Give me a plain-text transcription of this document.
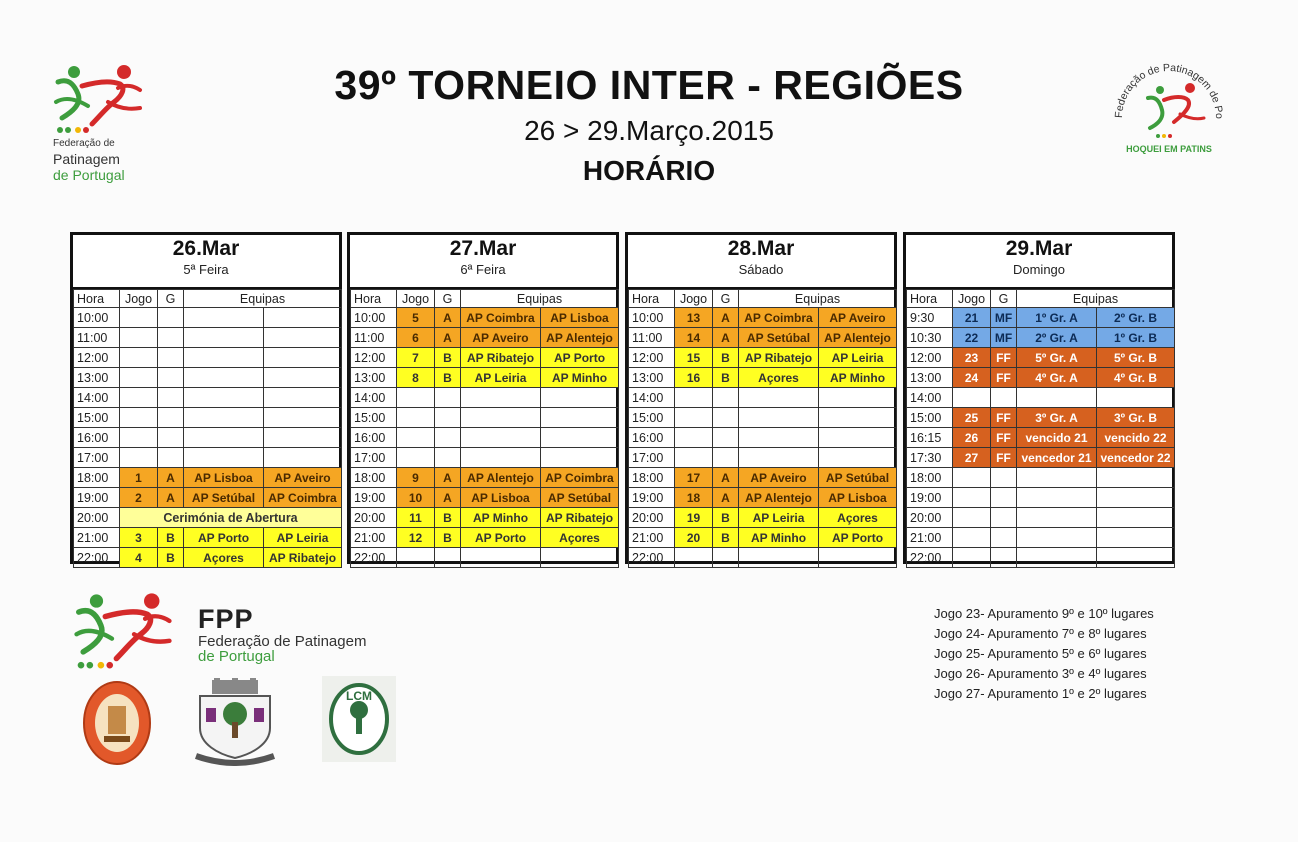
Federação de
Patinagem
de Portugal
Federação de Patinagem de Po
HOQUEI EM PATINS
39º TORNEIO INTER - REGIÕES
26 > 29.Março.2015
HORÁRIO
26.Mar
5ª Feira
Hora	Jogo	G	Equipas	
10:00				
11:00				
12:00				
13:00				
14:00				
15:00				
16:00				
17:00				
18:00	1	A	AP Lisboa	AP Aveiro
19:00	2	A	AP Setúbal	AP Coimbra
20:00	Cerimónia de Abertura			
21:00	3	B	AP Porto	AP Leiria
22:00	4	B	Açores	AP Ribatejo
27.Mar
6ª Feira
Hora	Jogo	G	Equipas	
10:00	5	A	AP Coimbra	AP Lisboa
11:00	6	A	AP Aveiro	AP Alentejo
12:00	7	B	AP Ribatejo	AP Porto
13:00	8	B	AP Leiria	AP Minho
14:00				
15:00				
16:00				
17:00				
18:00	9	A	AP Alentejo	AP Coimbra
19:00	10	A	AP Lisboa	AP Setúbal
20:00	11	B	AP Minho	AP Ribatejo
21:00	12	B	AP Porto	Açores
22:00				
28.Mar
Sábado
Hora	Jogo	G	Equipas	
10:00	13	A	AP Coimbra	AP Aveiro
11:00	14	A	AP Setúbal	AP Alentejo
12:00	15	B	AP Ribatejo	AP Leiria
13:00	16	B	Açores	AP Minho
14:00				
15:00				
16:00				
17:00				
18:00	17	A	AP Aveiro	AP Setúbal
19:00	18	A	AP Alentejo	AP Lisboa
20:00	19	B	AP Leiria	Açores
21:00	20	B	AP Minho	AP Porto
22:00				
29.Mar
Domingo
Hora	Jogo	G	Equipas	
9:30	21	MF	1º Gr. A	2º Gr. B
10:30	22	MF	2º Gr. A	1º Gr. B
12:00	23	FF	5º Gr. A	5º Gr. B
13:00	24	FF	4º Gr. A	4º Gr. B
14:00				
15:00	25	FF	3º Gr. A	3º Gr. B
16:15	26	FF	vencido 21	vencido 22
17:30	27	FF	vencedor 21	vencedor 22
18:00				
19:00				
20:00				
21:00				
22:00				
FPP
Federação de Patinagem
de Portugal
LCM
Jogo 23- Apuramento 9º e 10º lugares
Jogo 24- Apuramento 7º e 8º lugares
Jogo 25- Apuramento 5º e 6º lugares
Jogo 26- Apuramento 3º e 4º lugares
Jogo 27- Apuramento 1º e 2º lugares
